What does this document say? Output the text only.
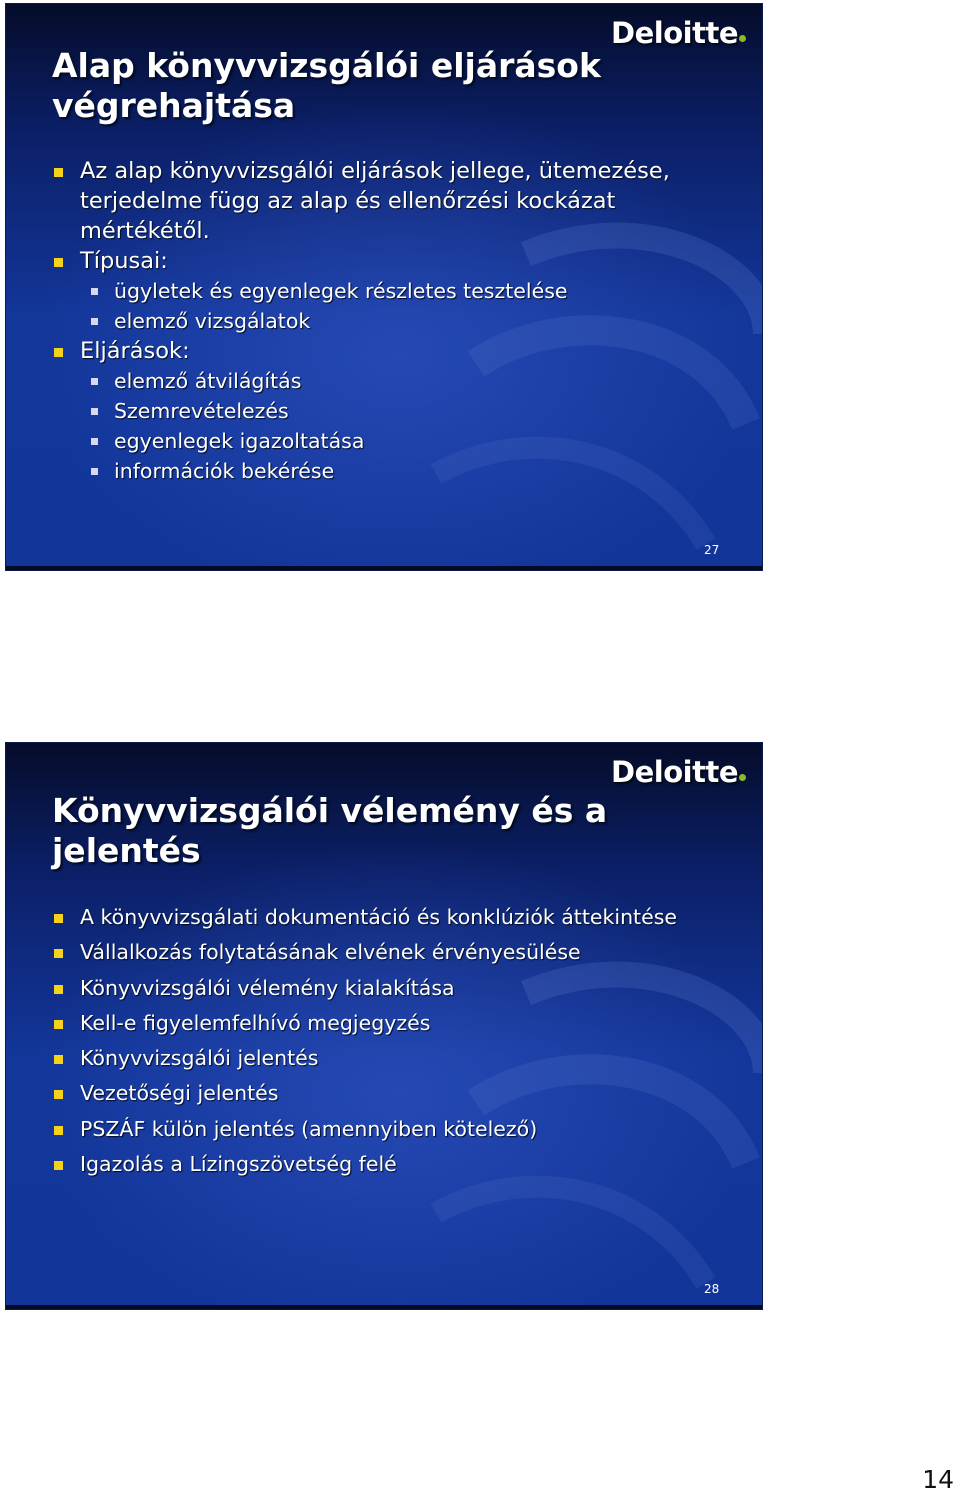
Deloitte
Alap könyvvizsgálói eljárások végrehajtása
Az alap könyvvizsgálói eljárások jellege, ütemezése, terjedelme függ az alap és ellenőrzési kockázat mértékétől.
Típusai:
ügyletek és egyenlegek részletes tesztelése
elemző vizsgálatok
Eljárások:
elemző átvilágítás
Szemrevételezés
egyenlegek igazoltatása
információk bekérése
27
Deloitte
Könyvvizsgálói vélemény és a jelentés
A könyvvizsgálati dokumentáció és konklúziók áttekintése
Vállalkozás folytatásának elvének érvényesülése
Könyvvizsgálói vélemény kialakítása
Kell-e figyelemfelhívó megjegyzés
Könyvvizsgálói jelentés
Vezetőségi jelentés
PSZÁF külön jelentés (amennyiben kötelező)
Igazolás a Lízingszövetség felé
28
14
